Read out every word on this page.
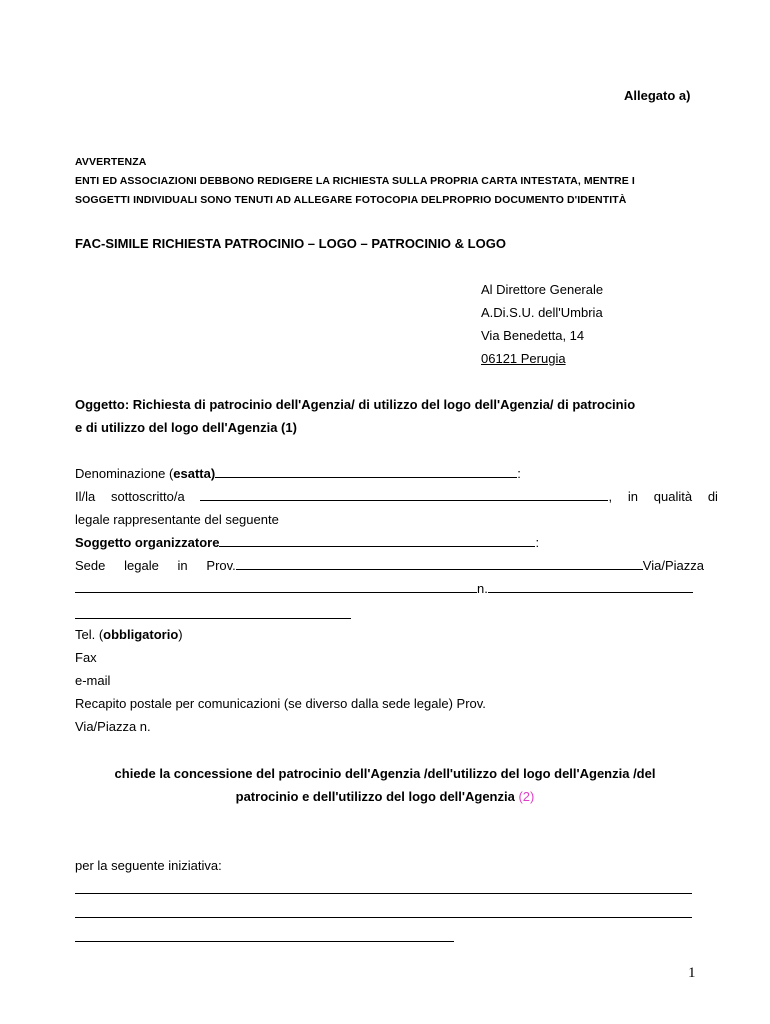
Allegato a)
AVVERTENZA
ENTI ED ASSOCIAZIONI DEBBONO REDIGERE LA RICHIESTA SULLA PROPRIA CARTA INTESTATA, MENTRE I
SOGGETTI INDIVIDUALI SONO TENUTI AD ALLEGARE FOTOCOPIA DELPROPRIO DOCUMENTO D'IDENTITÀ
FAC-SIMILE RICHIESTA PATROCINIO – LOGO – PATROCINIO & LOGO
Al Direttore Generale
A.Di.S.U. dell'Umbria
Via Benedetta, 14
06121 Perugia
Oggetto: Richiesta di patrocinio dell'Agenzia/ di utilizzo del logo dell'Agenzia/ di patrocinio
e di utilizzo del logo dell'Agenzia (1)
Denominazione (esatta)	:
Il/la sottoscritto/a	, in qualità di
legale rappresentante del seguente
Soggetto organizzatore	:
Sede legale in Prov.	Via/Piazza
n.
Tel. (obbligatorio)
Fax
e-mail
Recapito postale per comunicazioni (se diverso dalla sede legale) Prov.
Via/Piazza n.
chiede la concessione del patrocinio dell'Agenzia /dell'utilizzo del logo dell'Agenzia /del
patrocinio e dell'utilizzo del logo dell'Agenzia (2)
per la seguente iniziativa:
1
